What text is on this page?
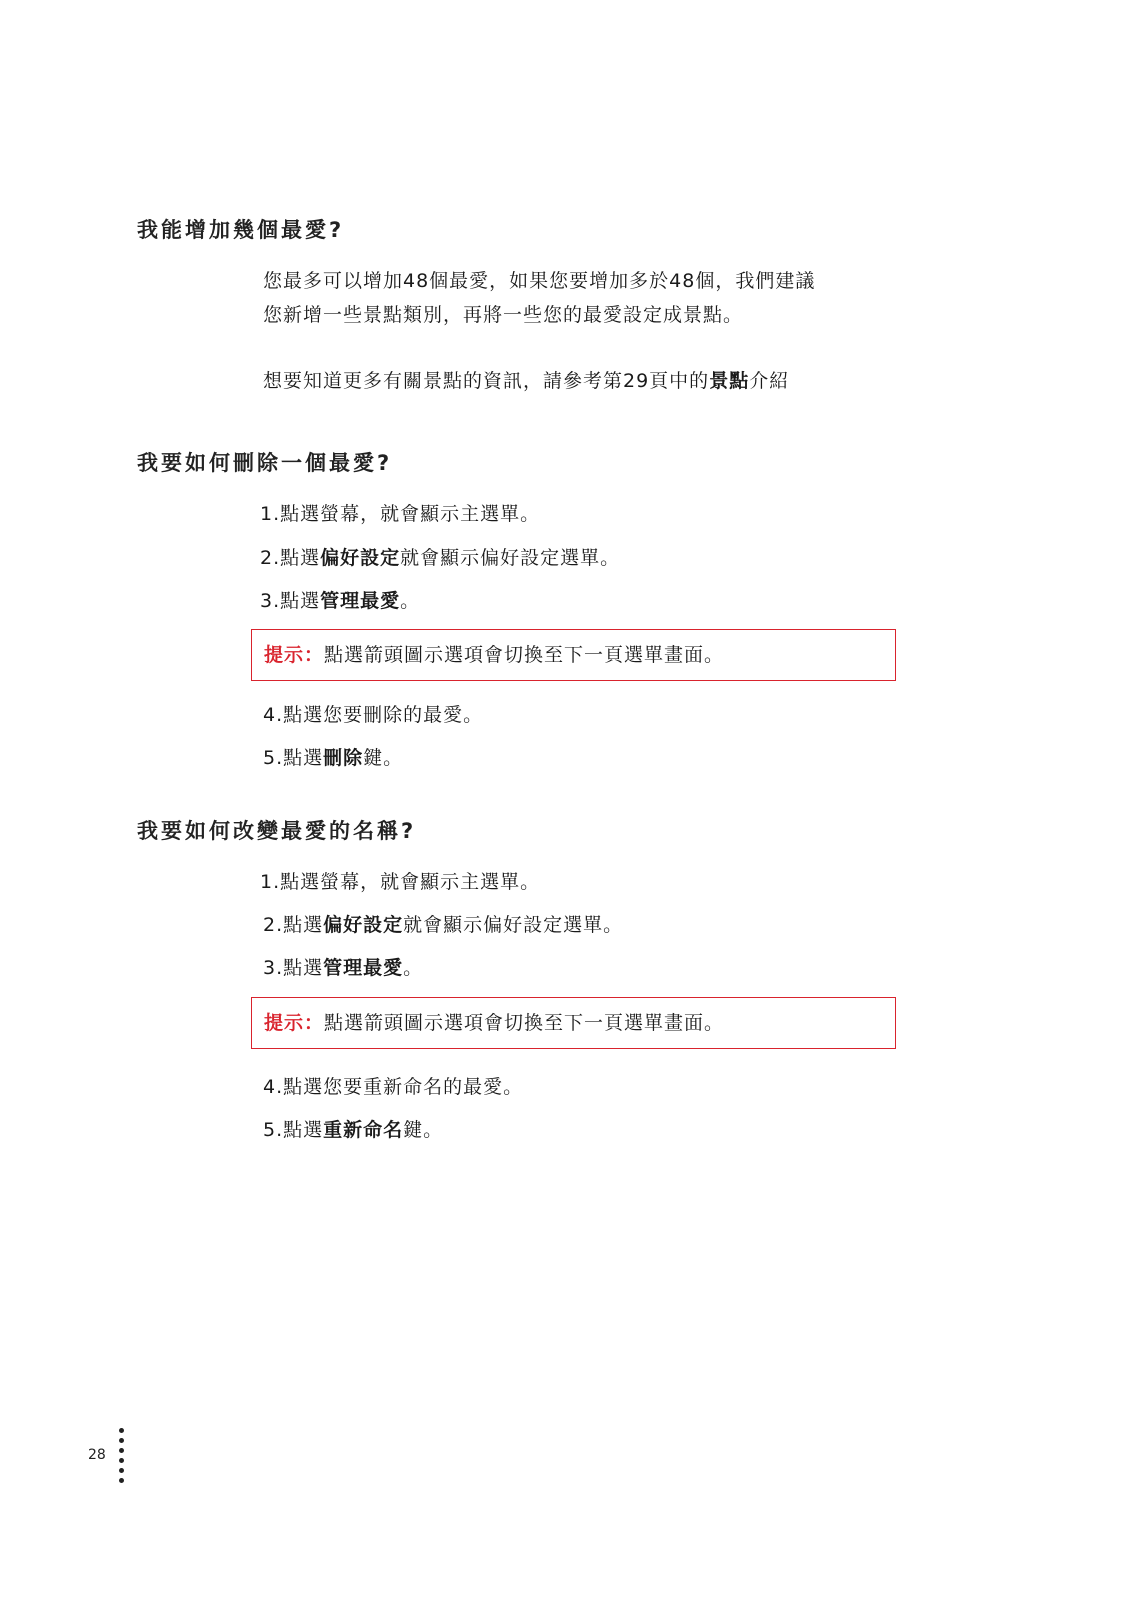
我能增加幾個最愛?

您最多可以增加48個最愛，如果您要增加多於48個，我們建議

您新增一些景點類別，再將一些您的最愛設定成景點。

想要知道更多有關景點的資訊，請參考第29頁中的景點介紹

我要如何刪除一個最愛?

1.點選螢幕，就會顯示主選單。

2.點選偏好設定就會顯示偏好設定選單。

3.點選管理最愛。

提示：點選箭頭圖示選項會切換至下一頁選單畫面。

4.點選您要刪除的最愛。

5.點選刪除鍵。

我要如何改變最愛的名稱?

1.點選螢幕，就會顯示主選單。

2.點選偏好設定就會顯示偏好設定選單。

3.點選管理最愛。

提示：點選箭頭圖示選項會切換至下一頁選單畫面。

4.點選您要重新命名的最愛。

5.點選重新命名鍵。

28
